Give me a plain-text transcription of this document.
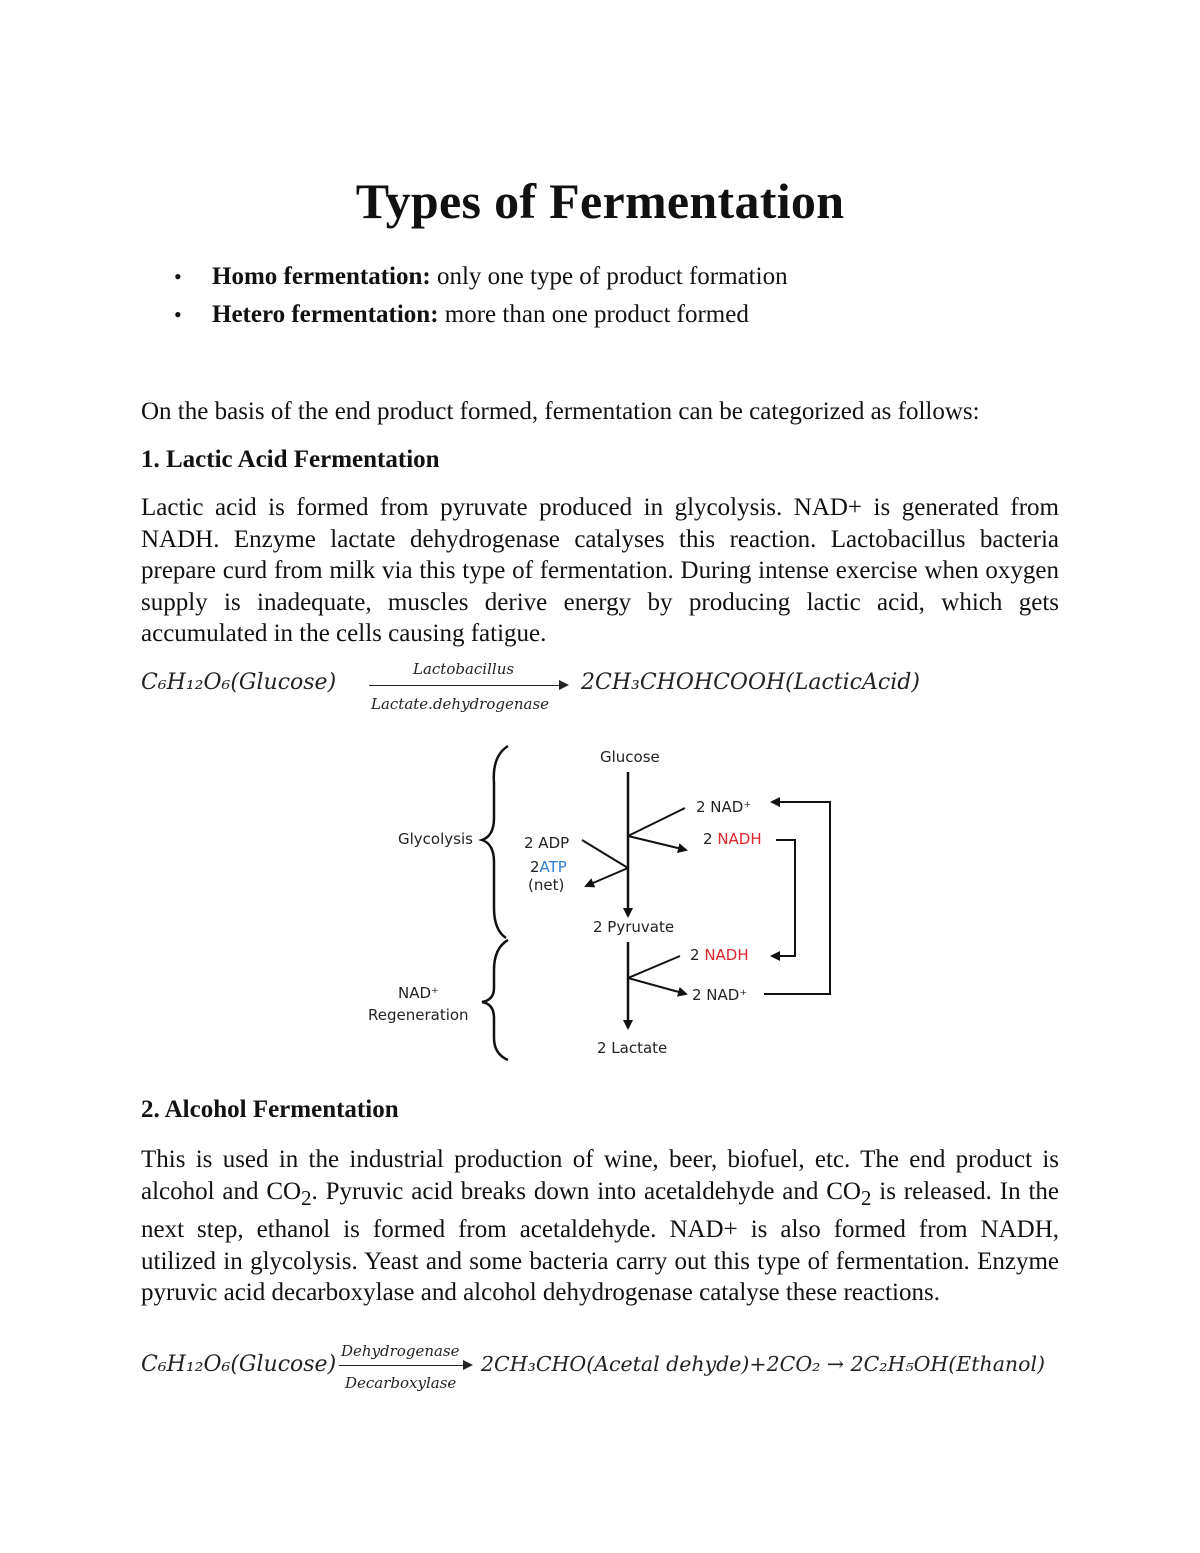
Types of Fermentation
• Homo fermentation: only one type of product formation
• Hetero fermentation: more than one product formed

On the basis of the end product formed, fermentation can be categorized as follows:

1. Lactic Acid Fermentation

Lactic acid is formed from pyruvate produced in glycolysis. NAD+ is generated from NADH. Enzyme lactate dehydrogenase catalyses this reaction. Lactobacillus bacteria prepare curd from milk via this type of fermentation. During intense exercise when oxygen supply is inadequate, muscles derive energy by producing lactic acid, which gets accumulated in the cells causing fatigue.

C₆H₁₂O₆(Glucose)
Lactobacillus
Lactate.dehydrogenase
2CH₃CHOHCOOH(LacticAcid)
Glucose
Glycolysis	2 ADP
2ATP
(net)
2 NAD⁺
2 NADH
2 Pyruvate
2 NADH
2 NAD⁺
NAD⁺
Regeneration
2 Lactate
2. Alcohol Fermentation

This is used in the industrial production of wine, beer, biofuel, etc. The end product is alcohol and $CO_2$. Pyruvic acid breaks down into acetaldehyde and $CO_2$ is released. In the next step, ethanol is formed from acetaldehyde. NAD+ is also formed from NADH, utilized in glycolysis. Yeast and some bacteria carry out this type of fermentation. Enzyme pyruvic acid decarboxylase and alcohol dehydrogenase catalyse these reactions.

C₆H₁₂O₆(Glucose)
Dehydrogenase
Decarboxylase
2CH₃CHO(Acetal dehyde)+2CO₂ → 2C₂H₅OH(Ethanol)
